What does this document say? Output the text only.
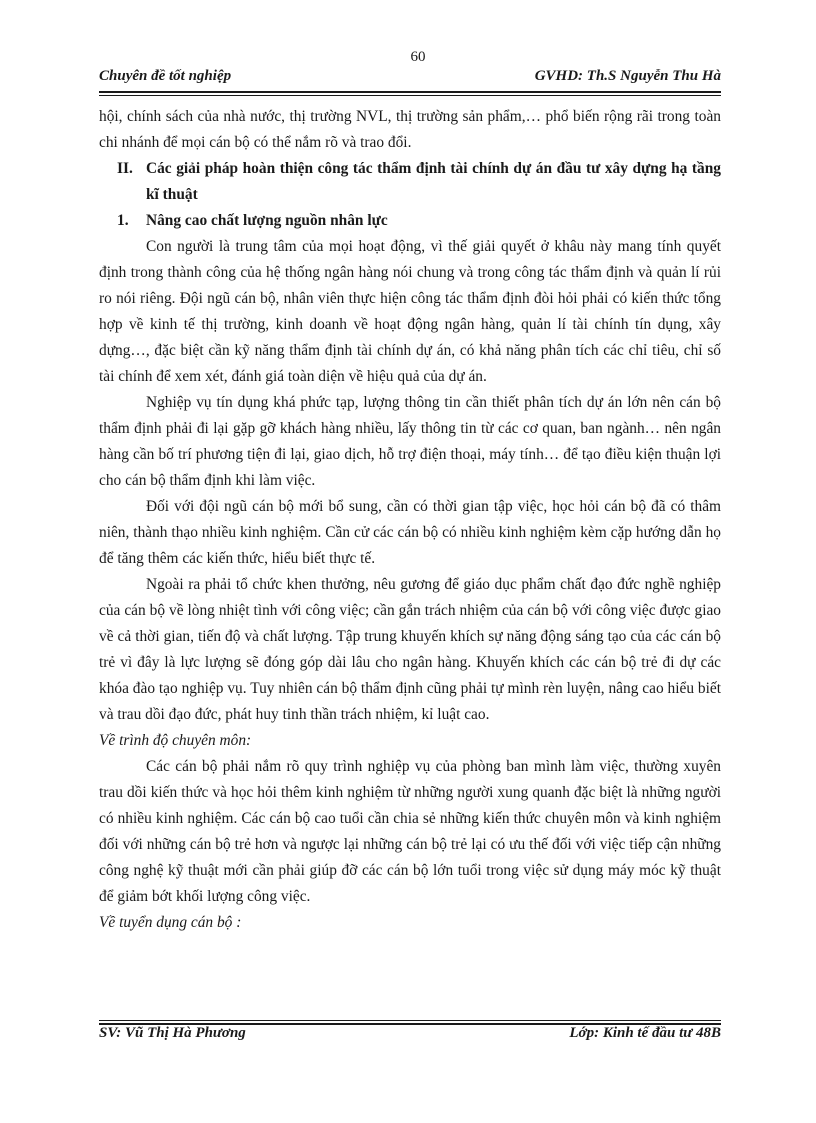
60
Chuyên đề tốt nghiệp	GVHD: Th.S Nguyễn Thu Hà

hội, chính sách của nhà nước, thị trường NVL, thị trường sản phẩm,… phổ biến rộng rãi trong toàn chi nhánh để mọi cán bộ có thể nắm rõ và trao đổi.

II. Các giải pháp hoàn thiện công tác thẩm định tài chính dự án đầu tư xây dựng hạ tầng kĩ thuật
1.	Nâng cao chất lượng nguồn nhân lực

Con người là trung tâm của mọi hoạt động, vì thế giải quyết ở khâu này mang tính quyết định trong thành công của hệ thống ngân hàng nói chung và trong công tác thẩm định và quản lí rủi ro nói riêng. Đội ngũ cán bộ, nhân viên thực hiện công tác thẩm định đòi hỏi phải có kiến thức tổng hợp về kinh tế thị trường, kinh doanh về hoạt động ngân hàng, quản lí tài chính tín dụng, xây dựng…, đặc biệt cần kỹ năng thẩm định tài chính dự án, có khả năng phân tích các chỉ tiêu, chỉ số tài chính để xem xét, đánh giá toàn diện về hiệu quả của dự án.

Nghiệp vụ tín dụng khá phức tạp, lượng thông tin cần thiết phân tích dự án lớn nên cán bộ thẩm định phải đi lại gặp gỡ khách hàng nhiều, lấy thông tin từ các cơ quan, ban ngành… nên ngân hàng cần bố trí phương tiện đi lại, giao dịch, hỗ trợ điện thoại, máy tính… để tạo điều kiện thuận lợi cho cán bộ thẩm định khi làm việc.

Đối với đội ngũ cán bộ mới bổ sung, cần có thời gian tập việc, học hỏi cán bộ đã có thâm niên, thành thạo nhiều kinh nghiệm. Cần cử các cán bộ có nhiều kinh nghiệm kèm cặp hướng dẫn họ để tăng thêm các kiến thức, hiểu biết thực tế.

Ngoài ra phải tổ chức khen thưởng, nêu gương để giáo dục phẩm chất đạo đức nghề nghiệp của cán bộ về lòng nhiệt tình với công việc; cần gắn trách nhiệm của cán bộ với công việc được giao về cả thời gian, tiến độ và chất lượng. Tập trung khuyến khích sự năng động sáng tạo của các cán bộ trẻ vì đây là lực lượng sẽ đóng góp dài lâu cho ngân hàng. Khuyến khích các cán bộ trẻ đi dự các khóa đào tạo nghiệp vụ. Tuy nhiên cán bộ thẩm định cũng phải tự mình rèn luyện, nâng cao hiểu biết và trau dồi đạo đức, phát huy tinh thần trách nhiệm, kỉ luật cao.

Về trình độ chuyên môn:

Các cán bộ phải nắm rõ quy trình nghiệp vụ của phòng ban mình làm việc, thường xuyên trau dồi kiến thức và học hỏi thêm kinh nghiệm từ những người xung quanh đặc biệt là những người có nhiều kinh nghiệm. Các cán bộ cao tuổi cần chia sẻ những kiến thức chuyên môn và kinh nghiệm đối với những cán bộ trẻ hơn và ngược lại những cán bộ trẻ lại có ưu thế đối với việc tiếp cận những công nghệ kỹ thuật mới cần phải giúp đỡ các cán bộ lớn tuổi trong việc sử dụng máy móc kỹ thuật để giảm bớt khối lượng công việc.

Về tuyển dụng cán bộ :

SV: Vũ Thị Hà Phương	Lớp: Kinh tế đầu tư 48B
